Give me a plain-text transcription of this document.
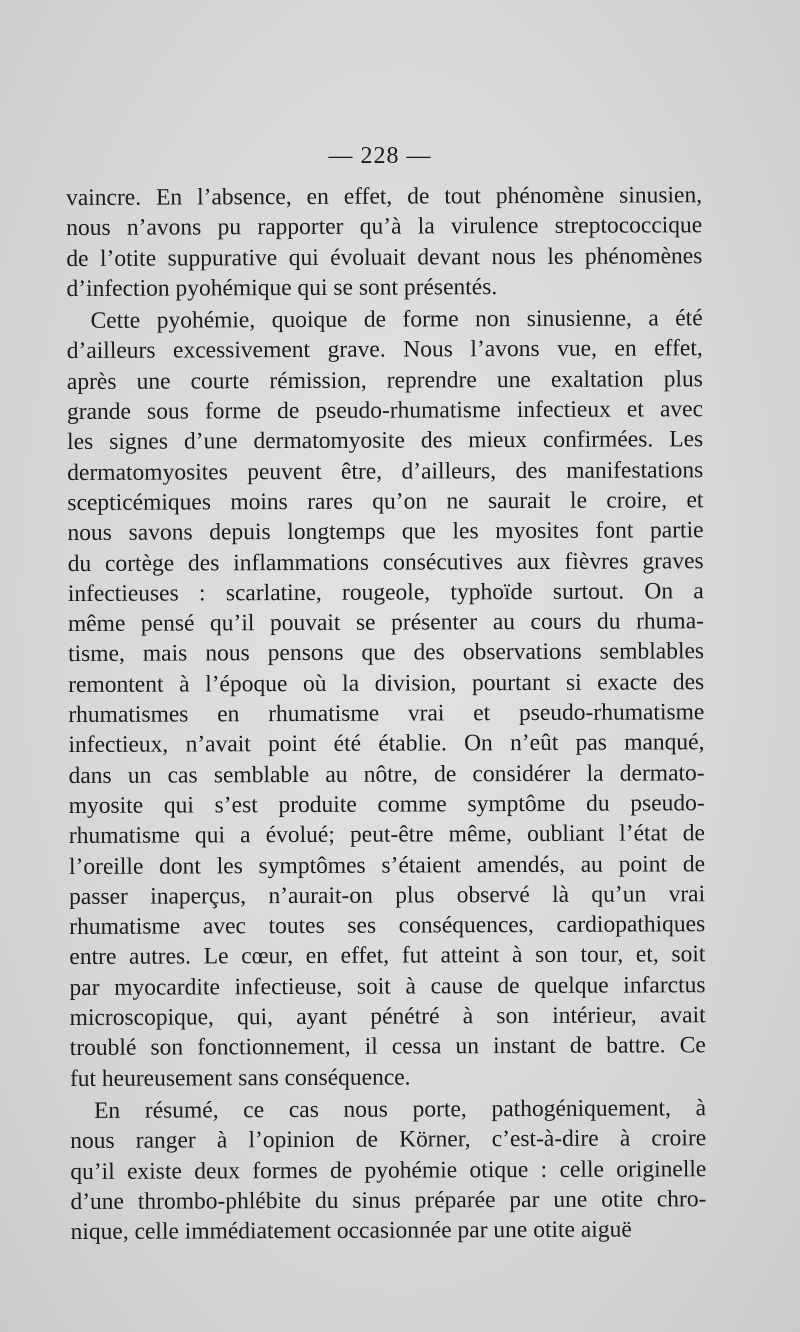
— 228 —
vaincre. En l’absence, en effet, de tout phénomène sinusien,
nous n’avons pu rapporter qu’à la virulence streptococcique
de l’otite suppurative qui évoluait devant nous les phénomènes
d’infection pyohémique qui se sont présentés.
Cette pyohémie, quoique de forme non sinusienne, a été
d’ailleurs excessivement grave. Nous l’avons vue, en effet,
après une courte rémission, reprendre une exaltation plus
grande sous forme de pseudo-rhumatisme infectieux et avec
les signes d’une dermatomyosite des mieux confirmées. Les
dermatomyosites peuvent être, d’ailleurs, des manifestations
scepticémiques moins rares qu’on ne saurait le croire, et
nous savons depuis longtemps que les myosites font partie
du cortège des inflammations consécutives aux fièvres graves
infectieuses : scarlatine, rougeole, typhoïde surtout. On a
même pensé qu’il pouvait se présenter au cours du rhuma-
tisme, mais nous pensons que des observations semblables
remontent à l’époque où la division, pourtant si exacte des
rhumatismes en rhumatisme vrai et pseudo-rhumatisme
infectieux, n’avait point été établie. On n’eût pas manqué,
dans un cas semblable au nôtre, de considérer la dermato-
myosite qui s’est produite comme symptôme du pseudo-
rhumatisme qui a évolué; peut-être même, oubliant l’état de
l’oreille dont les symptômes s’étaient amendés, au point de
passer inaperçus, n’aurait-on plus observé là qu’un vrai
rhumatisme avec toutes ses conséquences, cardiopathiques
entre autres. Le cœur, en effet, fut atteint à son tour, et, soit
par myocardite infectieuse, soit à cause de quelque infarctus
microscopique, qui, ayant pénétré à son intérieur, avait
troublé son fonctionnement, il cessa un instant de battre. Ce
fut heureusement sans conséquence.
En résumé, ce cas nous porte, pathogéniquement, à
nous ranger à l’opinion de Körner, c’est-à-dire à croire
qu’il existe deux formes de pyohémie otique : celle originelle
d’une thrombo-phlébite du sinus préparée par une otite chro-
nique, celle immédiatement occasionnée par une otite aiguë
